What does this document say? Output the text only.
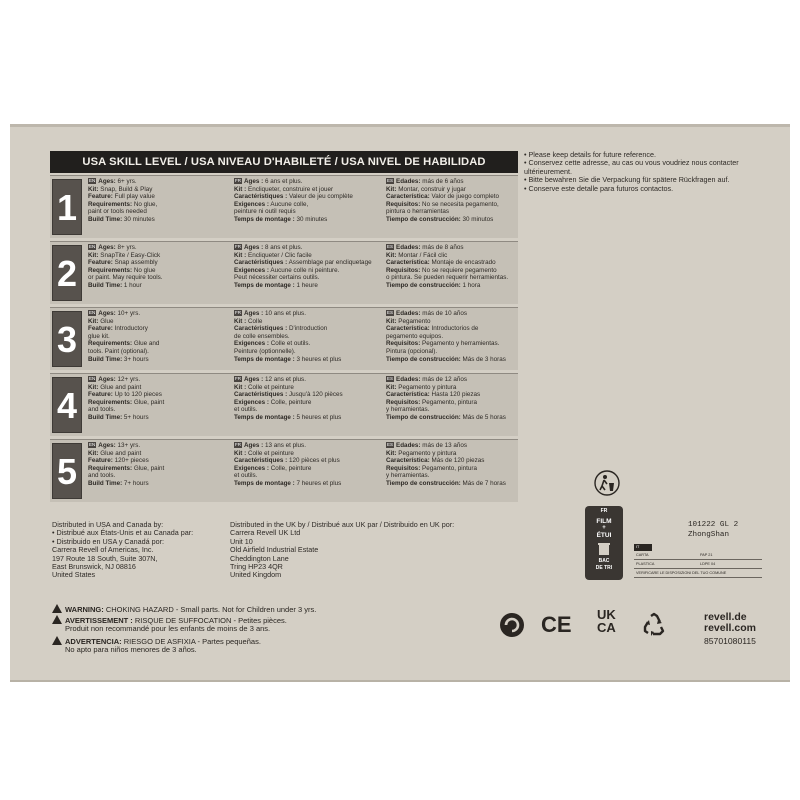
USA SKILL LEVEL / USA NIVEAU D'HABILETÉ / USA NIVEL DE HABILIDAD
1
EN Ages: 6+ yrs.
Kit: Snap, Build & Play
Feature: Full play value
Requirements: No glue,
paint or tools needed
Build Time: 30 minutes
FR Âges : 6 ans et plus.
Kit : Encliqueter, construire et jouer
Caractéristiques : Valeur de jeu complète
Exigences : Aucune colle,
peinture ni outil requis
Temps de montage : 30 minutes
ES Edades: más de 6 años
Kit: Montar, construir y jugar
Característica: Valor de juego completo
Requisitos: No se necesita pegamento,
pintura o herramientas
Tiempo de construcción: 30 minutos
2
EN Ages: 8+ yrs.
Kit: SnapTite / Easy-Click
Feature: Snap assembly
Requirements: No glue
or paint. May require tools.
Build Time: 1 hour
FR Âges : 8 ans et plus.
Kit : Encliqueter / Clic facile
Caractéristiques : Assemblage par encliquetage
Exigences : Aucune colle ni peinture.
Peut nécessiter certains outils.
Temps de montage : 1 heure
ES Edades: más de 8 años
Kit: Montar / Fácil clic
Característica: Montaje de encastrado
Requisitos: No se requiere pegamento
o pintura. Se pueden requerir herramientas.
Tiempo de construcción: 1 hora
3
EN Ages: 10+ yrs.
Kit: Glue
Feature: Introductory
glue kit.
Requirements: Glue and
tools. Paint (optional).
Build Time: 3+ hours
FR Âges : 10 ans et plus.
Kit : Colle
Caractéristiques : D'introduction
de colle ensembles.
Exigences : Colle et outils.
Peinture (optionnelle).
Temps de montage : 3 heures et plus
ES Edades: más de 10 años
Kit: Pegamento
Característica: Introductorios de
pegamento equipos.
Requisitos: Pegamento y herramientas.
Pintura (opcional).
Tiempo de construcción: Más de 3 horas
4
EN Ages: 12+ yrs.
Kit: Glue and paint
Feature: Up to 120 pieces
Requirements: Glue, paint
and tools.
Build Time: 5+ hours
FR Âges : 12 ans et plus.
Kit : Colle et peinture
Caractéristiques : Jusqu'à 120 pièces
Exigences : Colle, peinture
et outils.
Temps de montage : 5 heures et plus
ES Edades: más de 12 años
Kit: Pegamento y pintura
Característica: Hasta 120 piezas
Requisitos: Pegamento, pintura
y herramientas.
Tiempo de construcción: Más de 5 horas
5
EN Ages: 13+ yrs.
Kit: Glue and paint
Feature: 120+ pieces
Requirements: Glue, paint
and tools.
Build Time: 7+ hours
FR Âges : 13 ans et plus.
Kit : Colle et peinture
Caractéristiques : 120 pièces et plus
Exigences : Colle, peinture
et outils.
Temps de montage : 7 heures et plus
ES Edades: más de 13 años
Kit: Pegamento y pintura
Característica: Más de 120 piezas
Requisitos: Pegamento, pintura
y herramientas.
Tiempo de construcción: Más de 7 horas
• Please keep details for future reference.
• Conservez cette adresse, au cas ou vous voudriez nous contacter
ultérieurement.
• Bitte bewahren Sie die Verpackung für spätere Rückfragen auf.
• Conserve este detalle para futuros contactos.
Distributed in USA and Canada by:
• Distribué aux États-Unis et au Canada par:
• Distribuido en USA y Canadá por:
Carrera Revell of Americas, Inc.
197 Route 18 South, Suite 307N,
East Brunswick, NJ 08816
United States
Distributed in the UK by / Distribué aux UK par / Distribuido en UK por:
Carrera Revell UK Ltd
Unit 10
Old Airfield Industrial Estate
Cheddington Lane
Tring HP23 4QR
United Kingdom
WARNING: CHOKING HAZARD - Small parts. Not for Children under 3 yrs.
AVERTISSEMENT : RISQUE DE SUFFOCATION - Petites pièces.
Produit non recommandé pour les enfants de moins de 3 ans.
ADVERTENCIA: RIESGO DE ASFIXIA - Partes pequeñas.
No apto para niños menores de 3 años.
CE UK
CA
FR
FILM
+
ÉTUI
BAC
DE TRI
101222 GL 2
ZhongShan
IT
CARTA	PAP 21
PLASTICA	LDPE 04
VERIFICARE LE DISPOSIZIONI DEL TUO COMUNE
revell.de
revell.com
85701080115
